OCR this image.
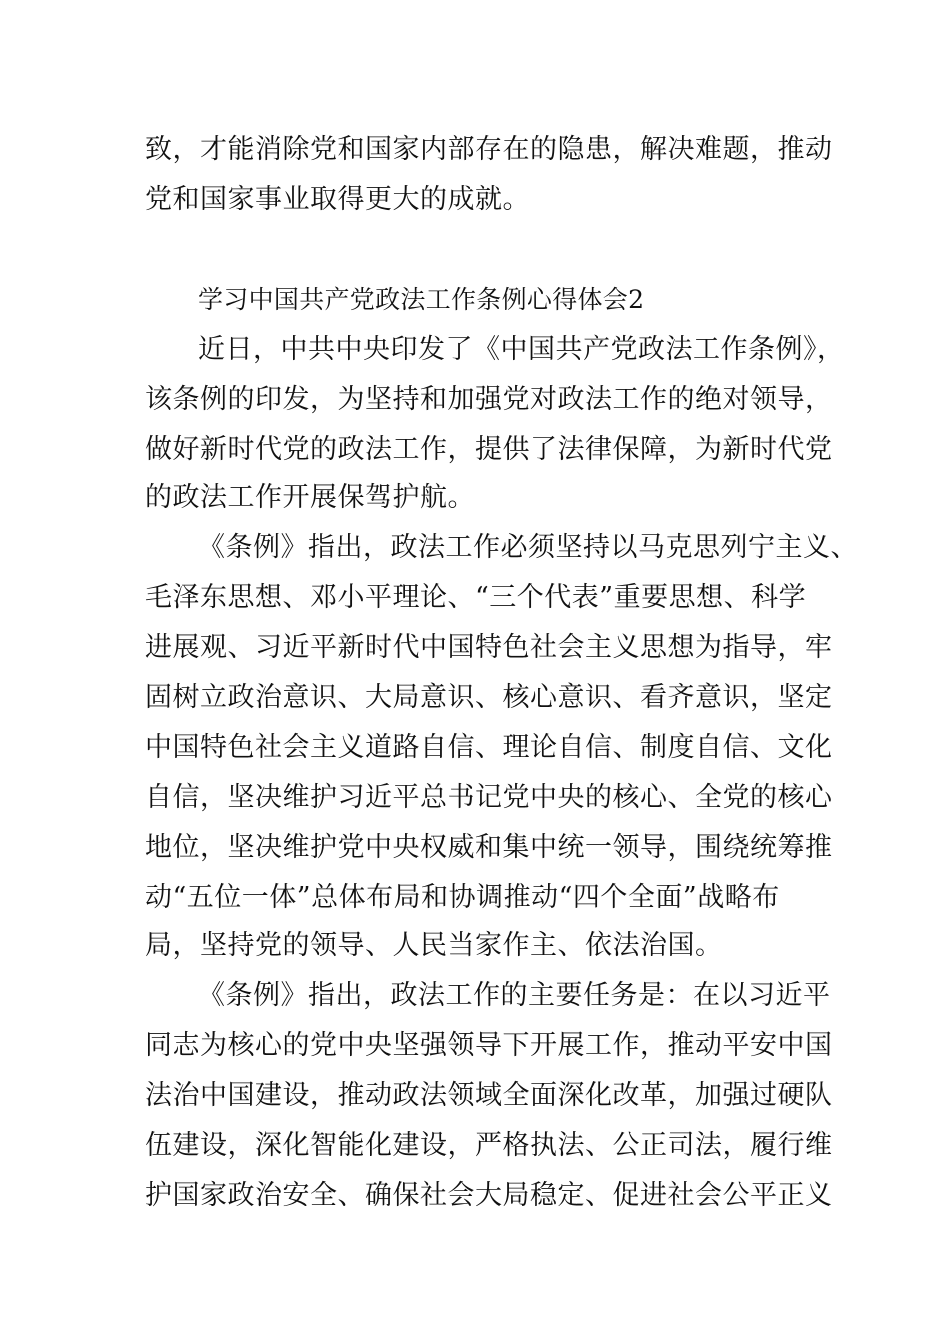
致，才能消除党和国家内部存在的隐患，解决难题，推动
党和国家事业取得更大的成就。
学习中国共产党政法工作条例心得体会2
近日，中共中央印发了《中国共产党政法工作条例》，
该条例的印发，为坚持和加强党对政法工作的绝对领导，
做好新时代党的政法工作，提供了法律保障，为新时代党
的政法工作开展保驾护航。
《条例》指出，政法工作必须坚持以马克思列宁主义、
毛泽东思想、邓小平理论、“三个代表”重要思想、科学
进展观、习近平新时代中国特色社会主义思想为指导，牢
固树立政治意识、大局意识、核心意识、看齐意识，坚定
中国特色社会主义道路自信、理论自信、制度自信、文化
自信，坚决维护习近平总书记党中央的核心、全党的核心
地位，坚决维护党中央权威和集中统一领导，围绕统筹推
动“五位一体”总体布局和协调推动“四个全面”战略布
局，坚持党的领导、人民当家作主、依法治国。
《条例》指出，政法工作的主要任务是：在以习近平
同志为核心的党中央坚强领导下开展工作，推动平安中国
法治中国建设，推动政法领域全面深化改革，加强过硬队
伍建设，深化智能化建设，严格执法、公正司法，履行维
护国家政治安全、确保社会大局稳定、促进社会公平正义
